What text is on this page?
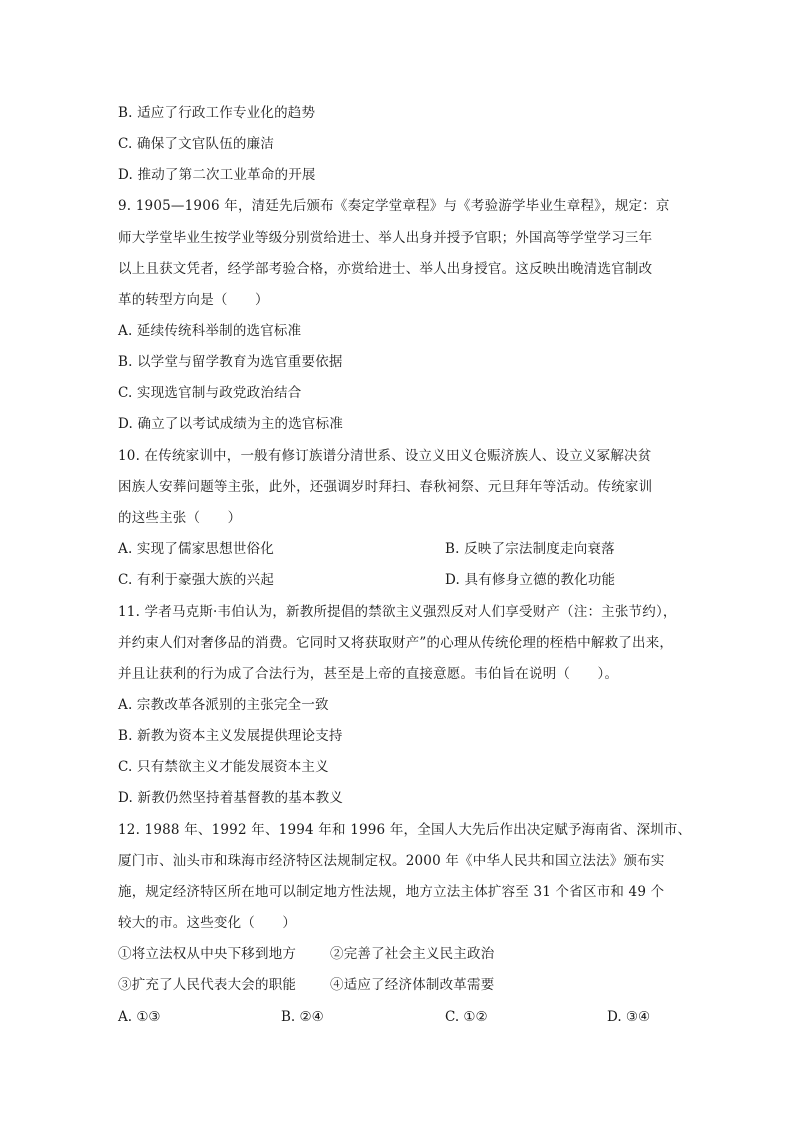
B. 适应了行政工作专业化的趋势
C. 确保了文官队伍的廉洁
D. 推动了第二次工业革命的开展
9. 1905—1906 年，清廷先后颁布《奏定学堂章程》与《考验游学毕业生章程》，规定：京
师大学堂毕业生按学业等级分别赏给进士、举人出身并授予官职；外国高等学堂学习三年
以上且获文凭者，经学部考验合格，亦赏给进士、举人出身授官。这反映出晚清选官制改
革的转型方向是（　　）
A. 延续传统科举制的选官标准
B. 以学堂与留学教育为选官重要依据
C. 实现选官制与政党政治结合
D. 确立了以考试成绩为主的选官标准
10. 在传统家训中，一般有修订族谱分清世系、设立义田义仓赈济族人、设立义冢解决贫
困族人安葬问题等主张，此外，还强调岁时拜扫、春秋祠祭、元旦拜年等活动。传统家训
的这些主张（　　）
A. 实现了儒家思想世俗化	B. 反映了宗法制度走向衰落
C. 有利于豪强大族的兴起	D. 具有修身立德的教化功能
11. 学者马克斯·韦伯认为，新教所提倡的禁欲主义强烈反对人们享受财产（注：主张节约），
并约束人们对奢侈品的消费。它同时又将获取财产”的心理从传统伦理的桎梏中解救了出来，
并且让获利的行为成了合法行为，甚至是上帝的直接意愿。韦伯旨在说明（　　）。
A. 宗教改革各派别的主张完全一致
B. 新教为资本主义发展提供理论支持
C. 只有禁欲主义才能发展资本主义
D. 新教仍然坚持着基督教的基本教义
12. 1988 年、1992 年、1994 年和 1996 年，全国人大先后作出决定赋予海南省、深圳市、
厦门市、汕头市和珠海市经济特区法规制定权。2000 年《中华人民共和国立法法》颁布实
施，规定经济特区所在地可以制定地方性法规，地方立法主体扩容至 31 个省区市和 49 个
较大的市。这些变化（　　）
①将立法权从中央下移到地方	②完善了社会主义民主政治
③扩充了人民代表大会的职能	④适应了经济体制改革需要
A. ①③	B. ②④	C. ①②	D. ③④
